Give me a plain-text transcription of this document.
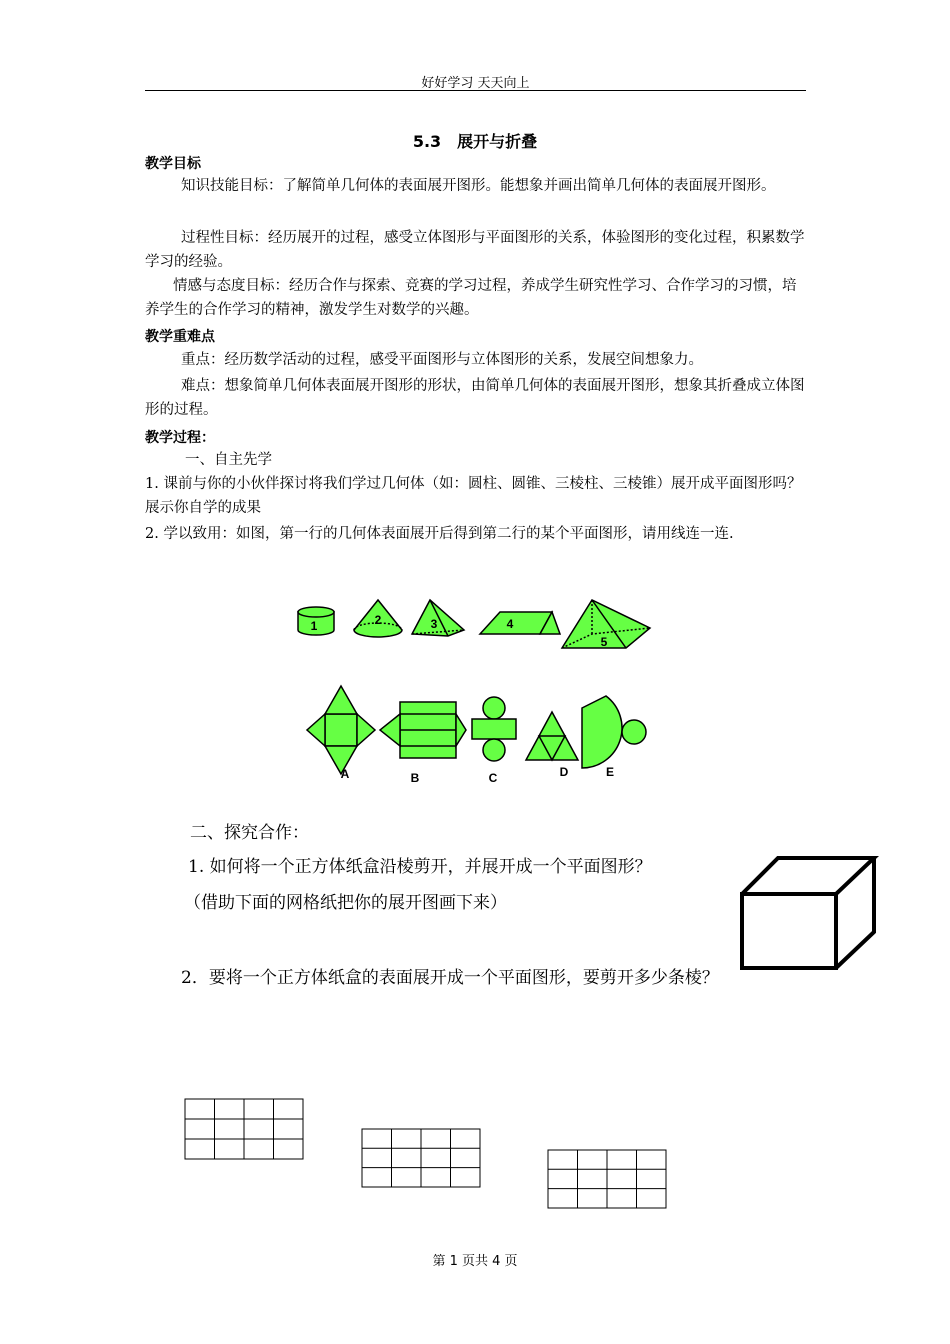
好好学习 天天向上
5.3　展开与折叠
教学目标
知识技能目标：了解简单几何体的表面展开图形。能想象并画出简单几何体的表面展开图形。
过程性目标：经历展开的过程，感受立体图形与平面图形的关系，体验图形的变化过程，积累数学学习的经验。
情感与态度目标：经历合作与探索、竞赛的学习过程，养成学生研究性学习、合作学习的习惯，培养学生的合作学习的精神，激发学生对数学的兴趣。
教学重难点
重点：经历数学活动的过程，感受平面图形与立体图形的关系，发展空间想象力。
难点：想象简单几何体表面展开图形的形状，由简单几何体的表面展开图形，想象其折叠成立体图形的过程。
教学过程：
一、自主先学
1. 课前与你的小伙伴探讨将我们学过几何体（如：圆柱、圆锥、三棱柱、三棱锥）展开成平面图形吗？展示你自学的成果
2. 学以致用：如图，第一行的几何体表面展开后得到第二行的某个平面图形，请用线连一连.
1	2	3	4
5
A	B	C	D	E
二、探究合作：
1. 如何将一个正方体纸盒沿棱剪开，并展开成一个平面图形？
（借助下面的网格纸把你的展开图画下来）
2．要将一个正方体纸盒的表面展开成一个平面图形，要剪开多少条棱？
第 1 页共 4 页
